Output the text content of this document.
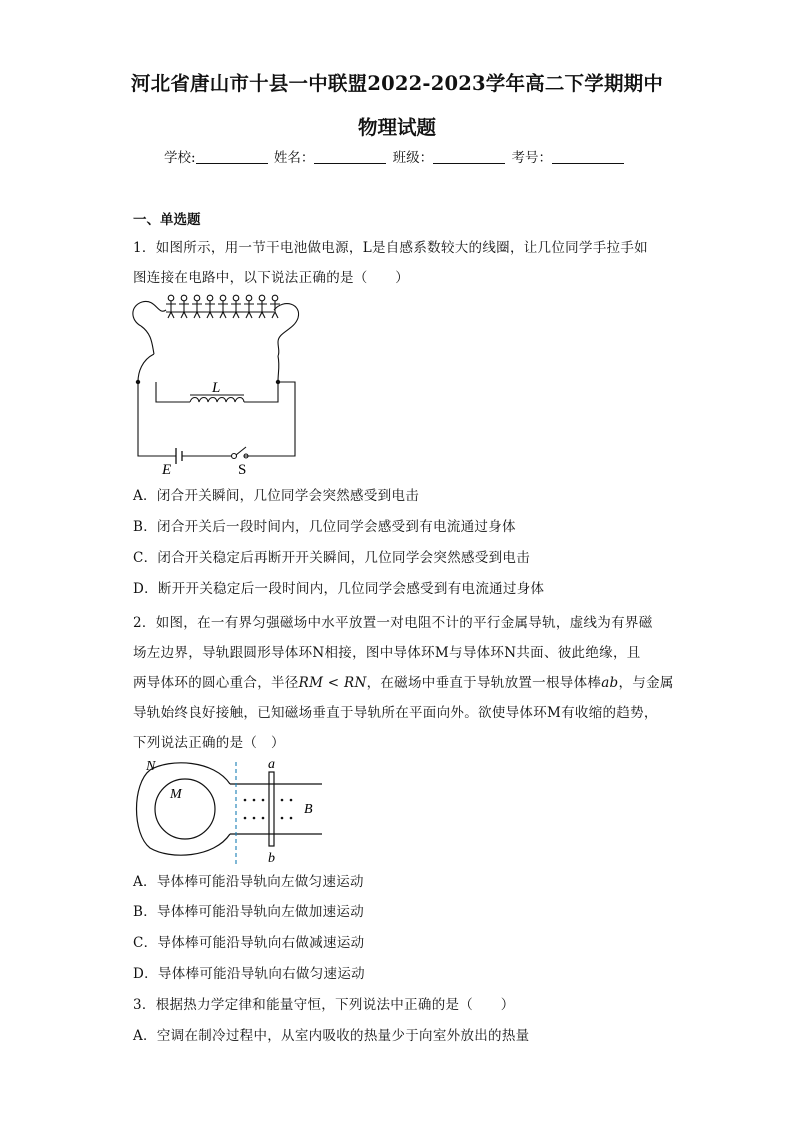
河北省唐山市十县一中联盟2022-2023学年高二下学期期中
物理试题
学校:	姓名：	班级：	考号：
一、单选题
1．如图所示，用一节干电池做电源，L是自感系数较大的线圈，让几位同学手拉手如
图连接在电路中，以下说法正确的是（　　）
L
E	S
A．闭合开关瞬间，几位同学会突然感受到电击
B．闭合开关后一段时间内，几位同学会感受到有电流通过身体
C．闭合开关稳定后再断开开关瞬间，几位同学会突然感受到电击
D．断开开关稳定后一段时间内，几位同学会感受到有电流通过身体
2．如图，在一有界匀强磁场中水平放置一对电阻不计的平行金属导轨，虚线为有界磁
场左边界，导轨跟圆形导体环N相接，图中导体环M与导体环N共面、彼此绝缘，且
两导体环的圆心重合，半径RM < RN，在磁场中垂直于导轨放置一根导体棒ab，与金属
导轨始终良好接触，已知磁场垂直于导轨所在平面向外。欲使导体环M有收缩的趋势，
下列说法正确的是（　）
N
M
B
a
b
A．导体棒可能沿导轨向左做匀速运动
B．导体棒可能沿导轨向左做加速运动
C．导体棒可能沿导轨向右做减速运动
D．导体棒可能沿导轨向右做匀速运动
3．根据热力学定律和能量守恒，下列说法中正确的是（　　）
A．空调在制冷过程中，从室内吸收的热量少于向室外放出的热量
